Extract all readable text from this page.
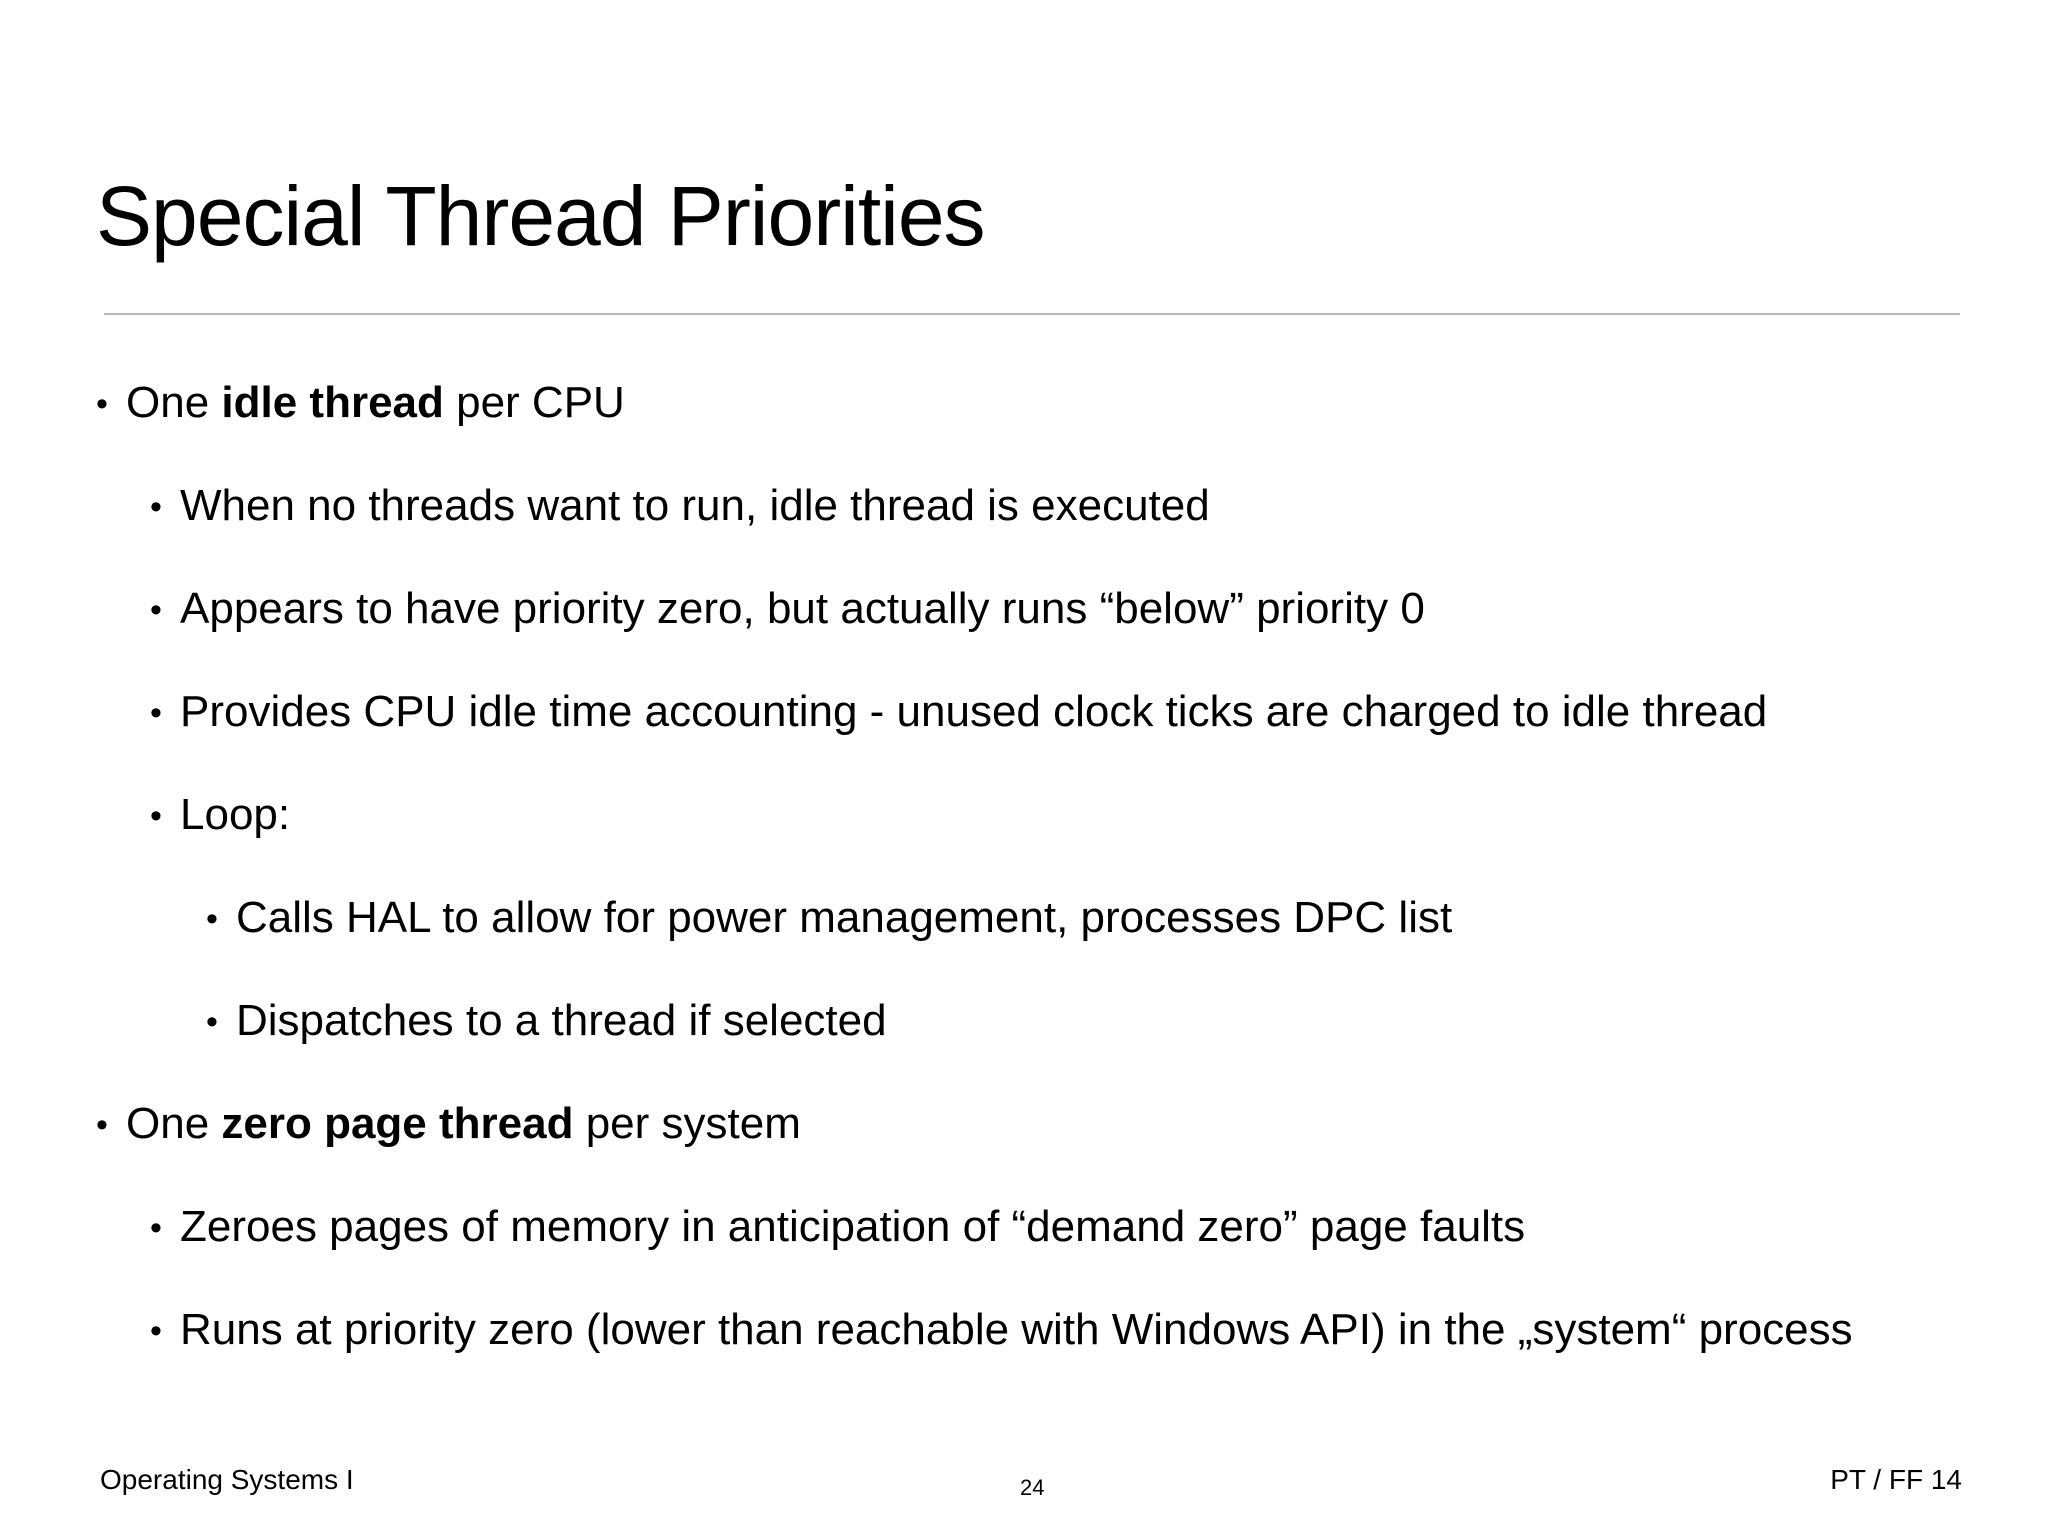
Special Thread Priorities
• One idle thread per CPU
• When no threads want to run, idle thread is executed
• Appears to have priority zero, but actually runs “below” priority 0
• Provides CPU idle time accounting - unused clock ticks are charged to idle thread
• Loop:
• Calls HAL to allow for power management, processes DPC list
• Dispatches to a thread if selected
• One zero page thread per system
• Zeroes pages of memory in anticipation of “demand zero” page faults
• Runs at priority zero (lower than reachable with Windows API) in the „system“ process
Operating Systems I	24	PT / FF 14
